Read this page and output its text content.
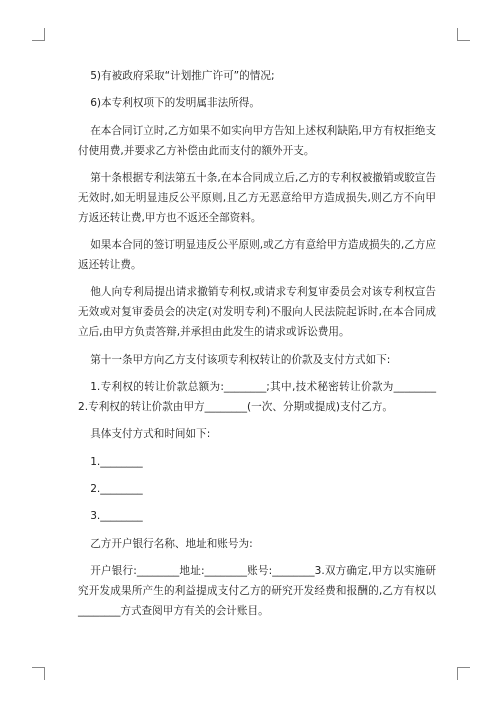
5)有被政府采取“计划推广许可”的情况;

6)本专利权项下的发明属非法所得。

在本合同订立时,乙方如果不如实向甲方告知上述权利缺陷,甲方有权拒绝支付使用费,并要求乙方补偿由此而支付的额外开支。

第十条根据专利法第五十条,在本合同成立后,乙方的专利权被撤销或駮宣告无效时,如无明显违反公平原则,且乙方无恶意给甲方造成损失,则乙方不向甲方返还转让费,甲方也不返还全部资料。

如果本合同的签订明显违反公平原则,或乙方有意给甲方造成损失的,乙方应返还转让费。

他人向专利局提出请求撤销专利权,或请求专利复审委员会对该专利权宣告无效或对复审委员会的决定(对发明专利)不服向人民法院起诉时,在本合同成立后,由甲方负责答辩,并承担由此发生的请求或诉讼费用。

第十一条甲方向乙方支付该项专利权转让的价款及支付方式如下:

1.专利权的转让价款总额为:________;其中,技术秘密转让价款为________2.专利权的转让价款由甲方________(一次、分期或提成)支付乙方。

具体支付方式和时间如下:

1.________

2.________

3.________

乙方开户银行名称、地址和账号为:

开户银行:________地址:________账号:________3.双方确定,甲方以实施研究开发成果所产生的利益提成支付乙方的研究开发经费和报酬的,乙方有权以________方式查阅甲方有关的会计账目。
